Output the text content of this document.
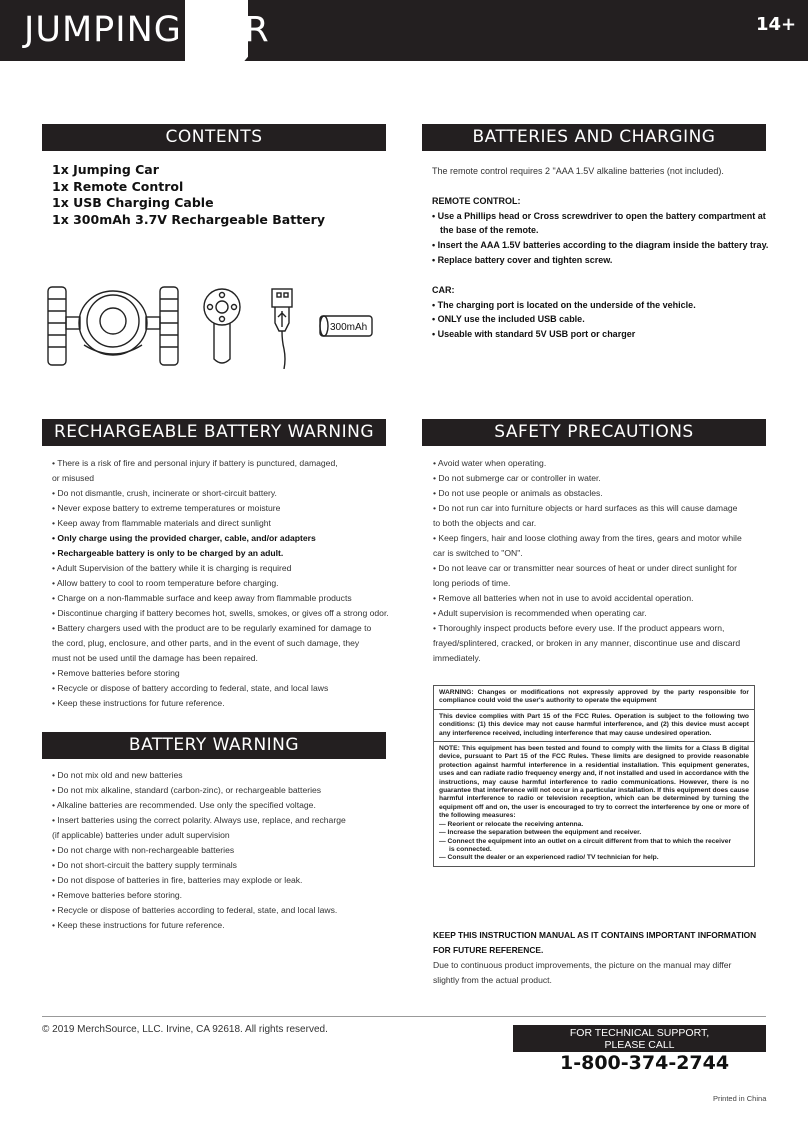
JUMPING CAR	14+
CONTENTS
1x Jumping Car
1x Remote Control
1x USB Charging Cable
1x 300mAh 3.7V Rechargeable Battery
300mAh
BATTERIES AND CHARGING
The remote control requires 2 "AAA 1.5V alkaline batteries (not included).
REMOTE CONTROL:
• Use a Phillips head or Cross screwdriver to open the battery compartment at
the base of the remote.
• Insert the AAA 1.5V batteries according to the diagram inside the battery tray.
• Replace battery cover and tighten screw.
CAR:
• The charging port is located on the underside of the vehicle.
• ONLY use the included USB cable.
• Useable with standard 5V USB port or charger
RECHARGEABLE BATTERY WARNING
• There is a risk of fire and personal injury if battery is punctured, damaged,
or misused
• Do not dismantle, crush, incinerate or short-circuit battery.
• Never expose battery to extreme temperatures or moisture
• Keep away from flammable materials and direct sunlight
• Only charge using the provided charger, cable, and/or adapters
• Rechargeable battery is only to be charged by an adult.
• Adult Supervision of the battery while it is charging is required
• Allow battery to cool to room temperature before charging.
• Charge on a non-flammable surface and keep away from flammable products
• Discontinue charging if battery becomes hot, swells, smokes, or gives off a strong odor.
• Battery chargers used with the product are to be regularly examined for damage to
the cord, plug, enclosure, and other parts, and in the event of such damage, they
must not be used until the damage has been repaired.
• Remove batteries before storing
• Recycle or dispose of battery according to federal, state, and local laws
• Keep these instructions for future reference.
SAFETY PRECAUTIONS
• Avoid water when operating.
• Do not submerge car or controller in water.
• Do not use people or animals as obstacles.
• Do not run car into furniture objects or hard surfaces as this will cause damage
to both the objects and car.
• Keep fingers, hair and loose clothing away from the tires, gears and motor while
car is switched to "ON".
• Do not leave car or transmitter near sources of heat or under direct sunlight for
long periods of time.
• Remove all batteries when not in use to avoid accidental operation.
• Adult supervision is recommended when operating car.
• Thoroughly inspect products before every use. If the product appears worn,
frayed/splintered, cracked, or broken in any manner, discontinue use and discard
immediately.
WARNING: Changes or modifications not expressly approved by the party responsible for compliance could void the user's authority to operate the equipment
This device complies with Part 15 of the FCC Rules. Operation is subject to the following two conditions: (1) this device may not cause harmful interference, and (2) this device must accept any interference received, including interference that may cause undesired operation.
NOTE: This equipment has been tested and found to comply with the limits for a Class B digital device, pursuant to Part 15 of the FCC Rules. These limits are designed to provide reasonable protection against harmful interference in a residential installation. This equipment generates, uses and can radiate radio frequency energy and, if not installed and used in accordance with the instructions, may cause harmful interference to radio communications. However, there is no guarantee that interference will not occur in a particular installation. If this equipment does cause harmful interference to radio or television reception, which can be determined by turning the equipment off and on, the user is encouraged to try to correct the interference by one or more of the following measures:
— Reorient or relocate the receiving antenna.
— Increase the separation between the equipment and receiver.
— Connect the equipment into an outlet on a circuit different from that to which the receiver
is connected.
— Consult the dealer or an experienced radio/ TV technician for help.
BATTERY WARNING
• Do not mix old and new batteries
• Do not mix alkaline, standard (carbon-zinc), or rechargeable batteries
• Alkaline batteries are recommended. Use only the specified voltage.
• Insert batteries using the correct polarity. Always use, replace, and recharge
(if applicable) batteries under adult supervision
• Do not charge with non-rechargeable batteries
• Do not short-circuit the battery supply terminals
• Do not dispose of batteries in fire, batteries may explode or leak.
• Remove batteries before storing.
• Recycle or dispose of batteries according to federal, state, and local laws.
• Keep these instructions for future reference.
KEEP THIS INSTRUCTION MANUAL AS IT CONTAINS IMPORTANT INFORMATION
FOR FUTURE REFERENCE.
Due to continuous product improvements, the picture on the manual may differ
slightly from the actual product.
© 2019 MerchSource, LLC. Irvine, CA 92618. All rights reserved.	FOR TECHNICAL SUPPORT,
PLEASE CALL
1-800-374-2744
Printed in China
